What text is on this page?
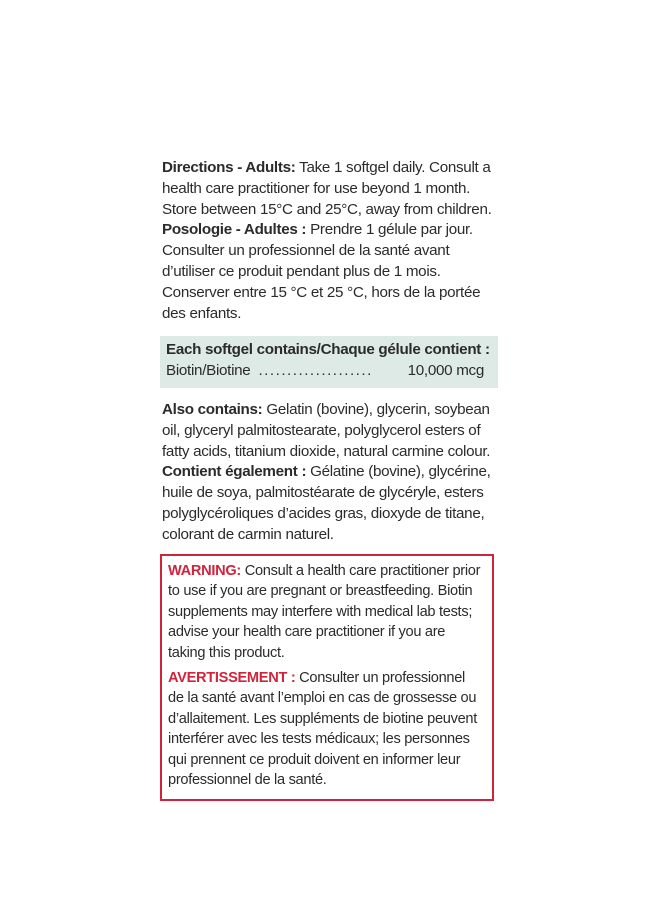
Directions - Adults: Take 1 softgel daily. Consult a health care practitioner for use beyond 1 month. Store between 15°C and 25°C, away from children.
Posologie - Adultes : Prendre 1 gélule par jour. Consulter un professionnel de la santé avant d’utiliser ce produit pendant plus de 1 mois. Conserver entre 15 °C et 25 °C, hors de la portée des enfants.

Each softgel contains/Chaque gélule contient :
Biotin/Biotine ....................	10,000 mcg

Also contains: Gelatin (bovine), glycerin, soybean oil, glyceryl palmitostearate, polyglycerol esters of fatty acids, titanium dioxide, natural carmine colour.
Contient également : Gélatine (bovine), glycérine, huile de soya, palmitostéarate de glycéryle, esters polyglycéroliques d’acides gras, dioxyde de titane, colorant de carmin naturel.

WARNING: Consult a health care practitioner prior to use if you are pregnant or breastfeeding. Biotin supplements may interfere with medical lab tests; advise your health care practitioner if you are taking this product.
AVERTISSEMENT : Consulter un professionnel de la santé avant l’emploi en cas de grossesse ou d’allaitement. Les suppléments de biotine peuvent interférer avec les tests médicaux; les personnes qui prennent ce produit doivent en informer leur professionnel de la santé.
